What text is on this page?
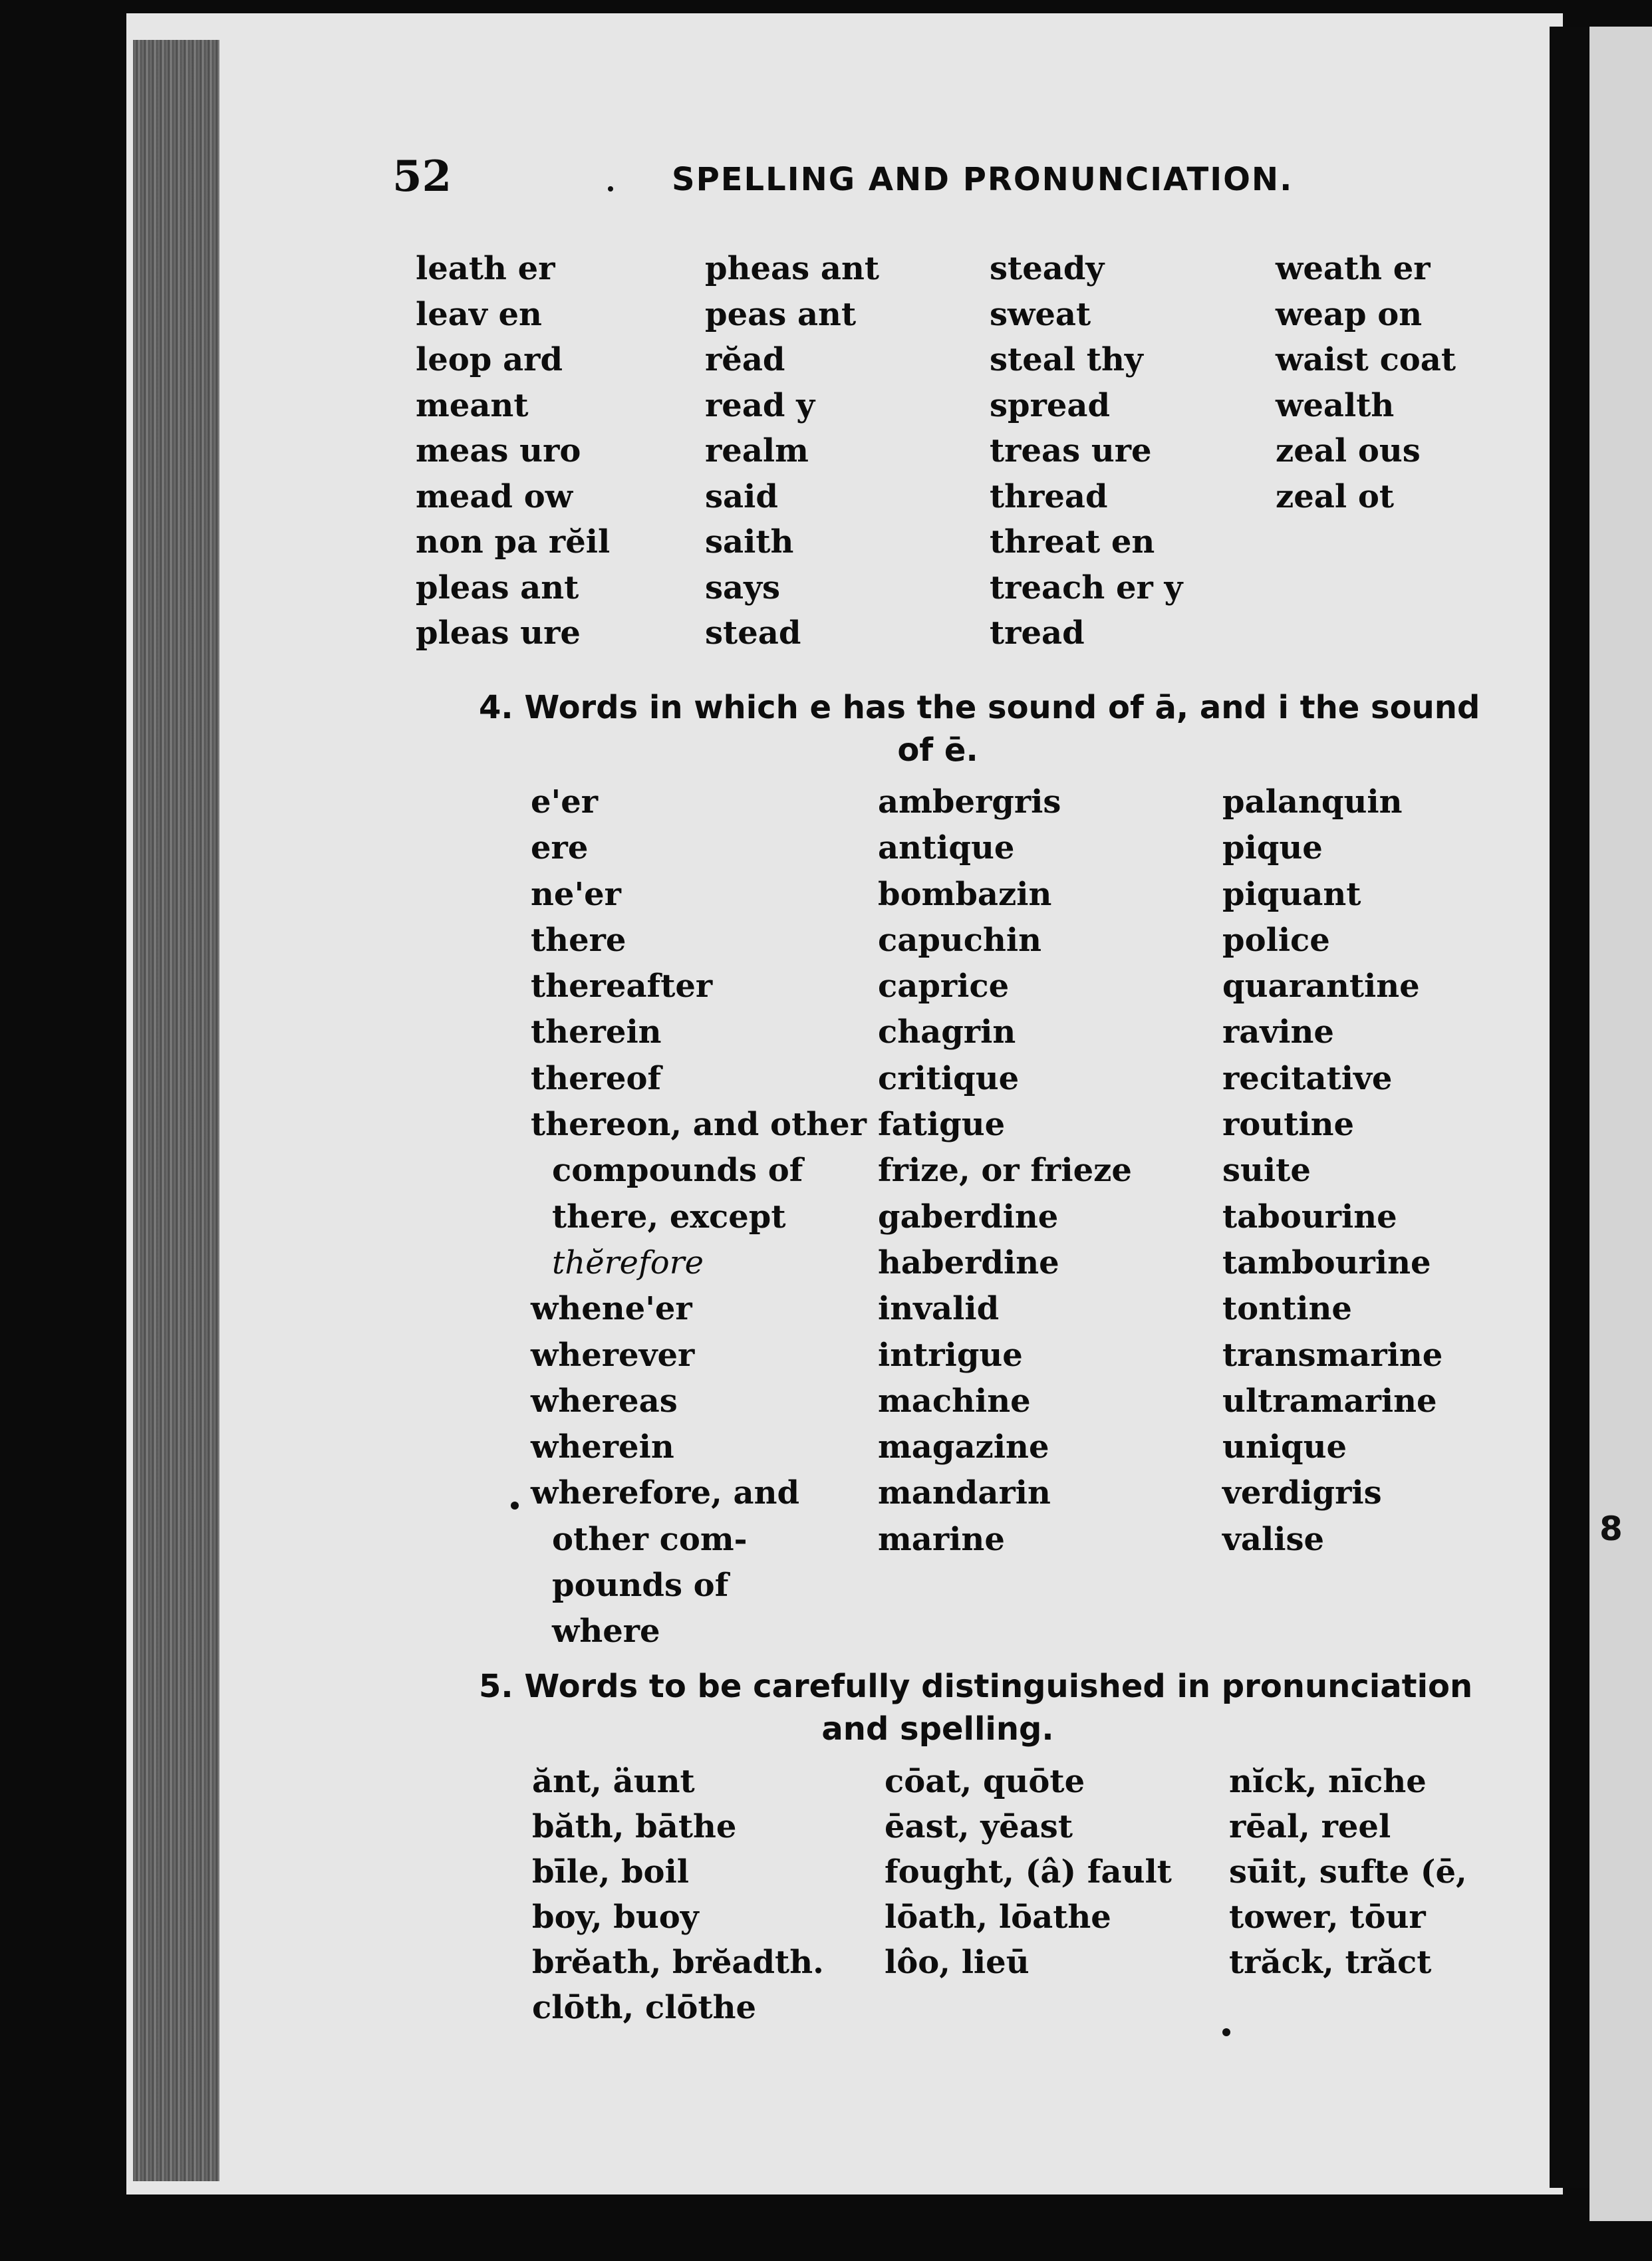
8
52	SPELLING AND PRONUNCIATION.
leath er
leav en
leop ard
meant
meas uro
mead ow
non pa rĕil
pleas ant
pleas ure
pheas ant
peas ant
rĕad
read y
realm
said
saith
says
stead
steady
sweat
steal thy
spread
treas ure
thread
threat en
treach er y
tread
weath er
weap on
waist coat
wealth
zeal ous
zeal ot
4. Words in which e has the sound of ā, and i the sound
of ē.
e'er
ere
ne'er
there
thereafter
therein
thereof
thereon, and other
compounds of
there, except
thĕrefore
whene'er
wherever
whereas
wherein
wherefore, and
other com-
pounds of
where
ambergris
antique
bombazin
capuchin
caprice
chagrin
critique
fatigue
frize, or frieze
gaberdine
haberdine
invalid
intrigue
machine
magazine
mandarin
marine
palanquin
pique
piquant
police
quarantine
ravine
recitative
routine
suite
tabourine
tambourine
tontine
transmarine
ultramarine
unique
verdigris
valise
5. Words to be carefully distinguished in pronunciation
and spelling.
ănt, äunt
băth, bāthe
bīle, boil
boy, buoy
brĕath, brĕadth.
clōth, clōthe
cōat, quōte
ēast, yēast
fought, (â) fault
lōath, lōathe
lôo, lieū
nĭck, nīche
rēal, reel
sūit, sufte (ē,
tower, tōur
trăck, trăct
